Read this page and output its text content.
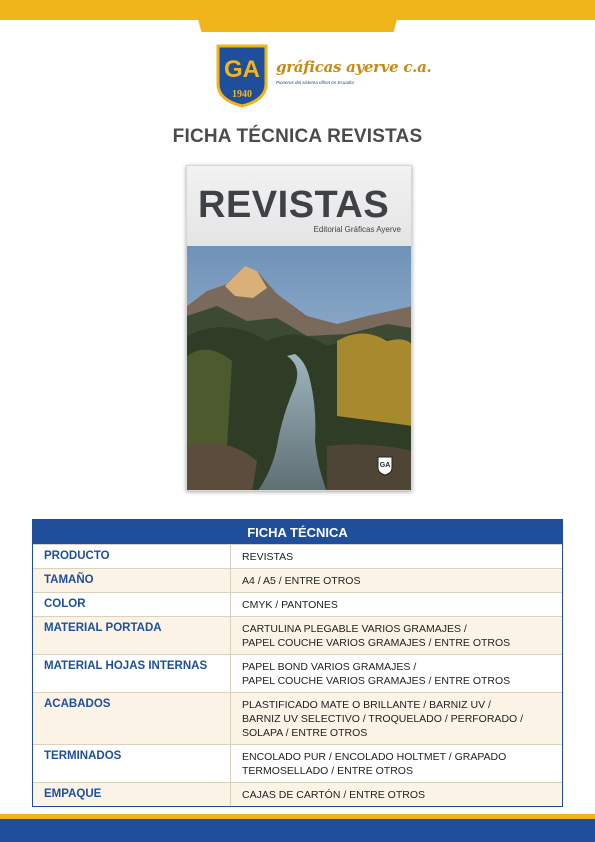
GA
1940
gráficas ayerve c.a.
Pioneros del sistema offset en Ecuador
FICHA TÉCNICA REVISTAS
REVISTAS
Editorial Gráficas Ayerve
GA
FICHA TÉCNICA
PRODUCTO	REVISTAS
TAMAÑO	A4 / A5 / ENTRE OTROS
COLOR	CMYK / PANTONES
MATERIAL PORTADA	CARTULINA PLEGABLE VARIOS GRAMAJES /
PAPEL COUCHE VARIOS GRAMAJES / ENTRE OTROS
MATERIAL HOJAS INTERNAS	PAPEL BOND VARIOS GRAMAJES /
PAPEL COUCHE VARIOS GRAMAJES / ENTRE OTROS
ACABADOS	PLASTIFICADO MATE O BRILLANTE / BARNIZ UV /
BARNIZ UV SELECTIVO / TROQUELADO / PERFORADO /
SOLAPA / ENTRE OTROS
TERMINADOS	ENCOLADO PUR / ENCOLADO HOLTMET / GRAPADO
TERMOSELLADO / ENTRE OTROS
EMPAQUE	CAJAS DE CARTÓN / ENTRE OTROS
